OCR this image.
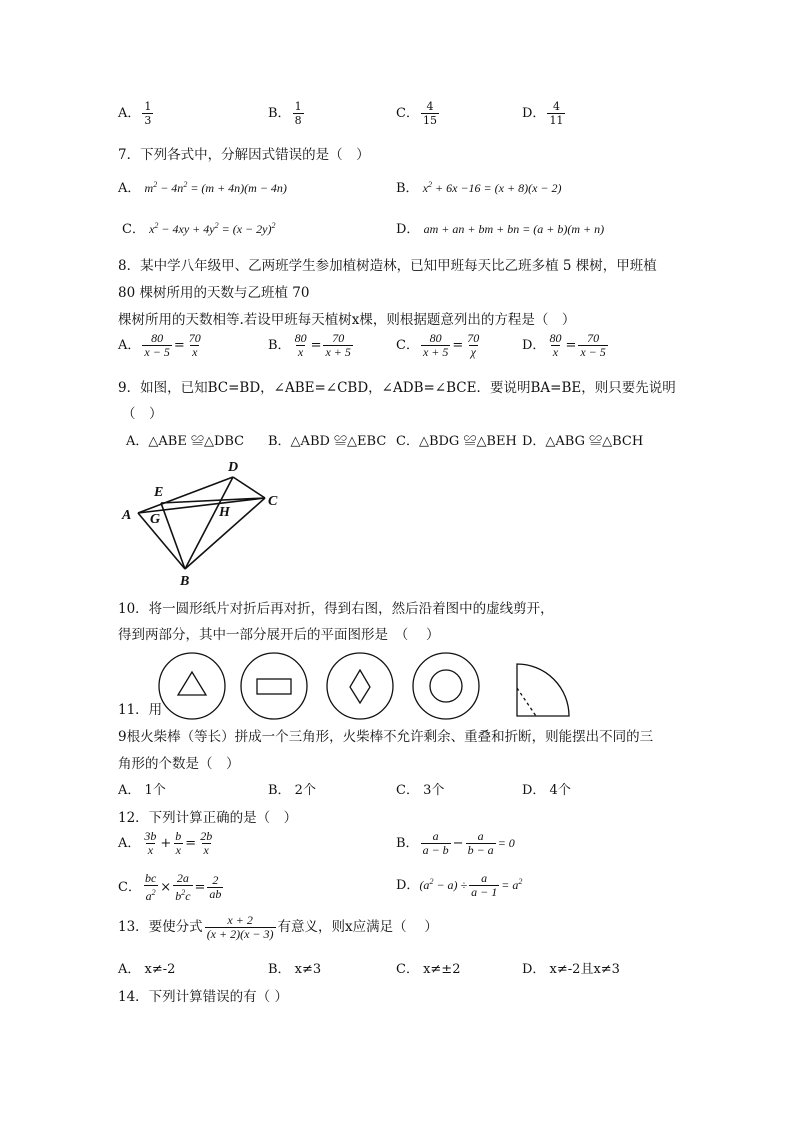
A． $\frac{1}{3}$	B． $\frac{1}{8}$	C． $\frac{4}{15}$	D． $\frac{4}{11}$
7．下列各式中，分解因式错误的是（　）
A． $m^2 - 4n^2 = (m + 4n)(m - 4n)$	B． $x^2 + 6x -16 = (x + 8)(x - 2)$
C． $x^2 - 4xy + 4y^2 = (x - 2y)^2$	D． am + an + bm + bn = (a + b)(m + n)
8．某中学八年级甲、乙两班学生参加植树造林，已知甲班每天比乙班多植 5 棵树，甲班植
80 棵树所用的天数与乙班植 70
棵树所用的天数相等.若设甲班每天植树x棵，则根据题意列出的方程是（　）
A． $\frac{80}{x - 5} = \frac{70}{x}$	B． $\frac{80}{x} = \frac{70}{x + 5}$	C． $\frac{80}{x + 5} = \frac{70}{\chi}$	D． $\frac{80}{x} = \frac{70}{x - 5}$
9．如图，已知BC=BD，∠ABE=∠CBD，∠ADB=∠BCE．要说明BA=BE，则只要先说明
（　）
A．△ABE ≌△DBC B．△ABD ≌△EBC C．△BDG ≌△BEH D．△ABG ≌△BCH
A
B
C
D
E
G	H
10．将一圆形纸片对折后再对折，得到右图，然后沿着图中的虚线剪开，
得到两部分，其中一部分展开后的平面图形是　（　 ）
11．用
9根火柴棒（等长）拼成一个三角形，火柴棒不允许剩余、重叠和折断，则能摆出不同的三
角形的个数是（　）
A． 1个	B． 2个	C． 3个	D． 4个
12．下列计算正确的是（　）
A． $\frac{3b}{x} + \frac{b}{x} = \frac{2b}{x}$	B． $\frac{a}{a - b} - \frac{a}{b - a} = 0$
C． $\frac{bc}{a^2} \times \frac{2a}{b^2c} = \frac{2}{ab}$	D．$(a^2 - a) \div \frac{a}{a - 1} = a^2$
13．要使分式 $\frac{x + 2}{(x + 2)(x - 3)}$ 有意义，则x应满足（　 ）
A． x≠-2	B． x≠3	C． x≠±2	D． x≠-2且x≠3
14．下列计算错误的有（ ）
